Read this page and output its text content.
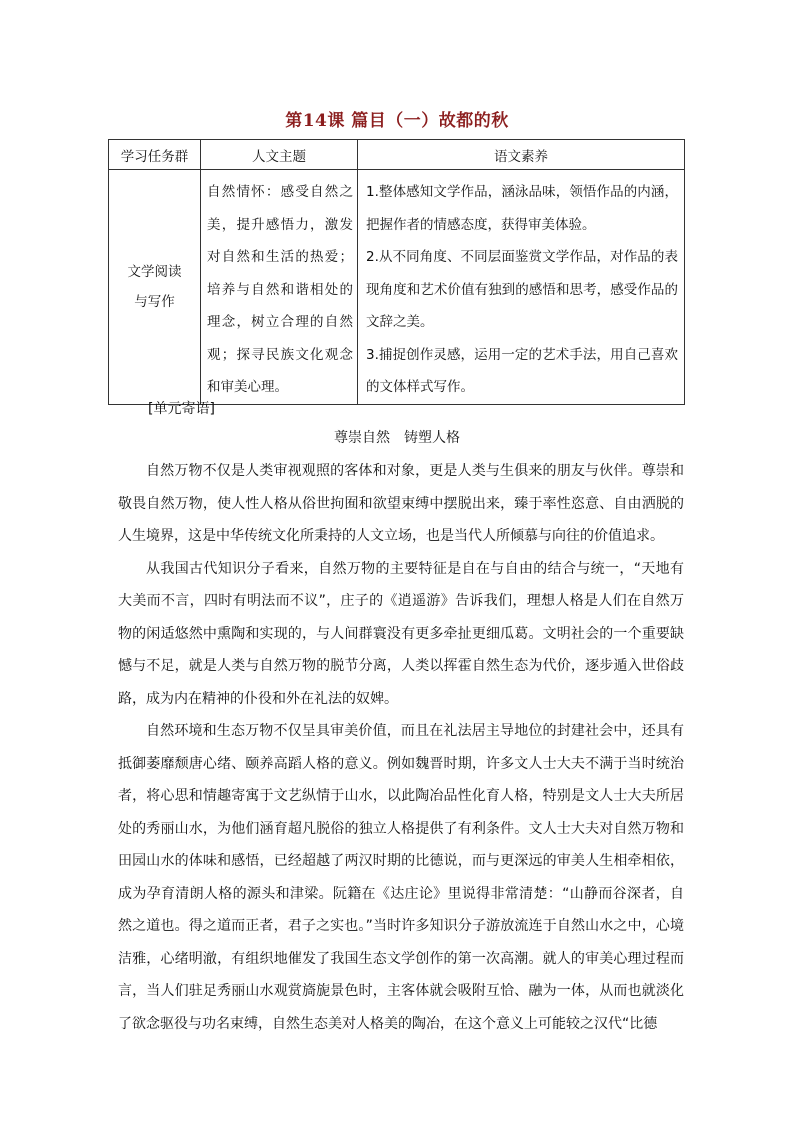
第14课 篇目（一）故都的秋
学习任务群	人文主题	语文素养
文学阅读与写作	自然情怀：感受自然之美，提升感悟力，激发对自然和生活的热爱；培养与自然和谐相处的理念，树立合理的自然观；探寻民族文化观念和审美心理。	1.整体感知文学作品，涵泳品味，领悟作品的内涵，把握作者的情感态度，获得审美体验。

2.从不同角度、不同层面鉴赏文学作品，对作品的表现角度和艺术价值有独到的感悟和思考，感受作品的文辞之美。

3.捕捉创作灵感，运用一定的艺术手法，用自己喜欢的文体样式写作。

[单元寄语]
尊崇自然　铸塑人格

自然万物不仅是人类审视观照的客体和对象，更是人类与生俱来的朋友与伙伴。尊崇和敬畏自然万物，使人性人格从俗世拘囿和欲望束缚中摆脱出来，臻于率性恣意、自由洒脱的人生境界，这是中华传统文化所秉持的人文立场，也是当代人所倾慕与向往的价值追求。

从我国古代知识分子看来，自然万物的主要特征是自在与自由的结合与统一，“天地有大美而不言，四时有明法而不议”，庄子的《逍遥游》告诉我们，理想人格是人们在自然万物的闲适悠然中熏陶和实现的，与人间群寰没有更多牵扯更细瓜葛。文明社会的一个重要缺憾与不足，就是人类与自然万物的脱节分离，人类以挥霍自然生态为代价，逐步遁入世俗歧路，成为内在精神的仆役和外在礼法的奴婢。

自然环境和生态万物不仅呈具审美价值，而且在礼法居主导地位的封建社会中，还具有抵御萎靡颓唐心绪、颐养高蹈人格的意义。例如魏晋时期，许多文人士大夫不满于当时统治者，将心思和情趣寄寓于文艺纵情于山水，以此陶冶品性化育人格，特别是文人士大夫所居处的秀丽山水，为他们涵育超凡脱俗的独立人格提供了有利条件。文人士大夫对自然万物和田园山水的体味和感悟，已经超越了两汉时期的比德说，而与更深远的审美人生相牵相依，成为孕育清朗人格的源头和津梁。阮籍在《达庄论》里说得非常清楚：“山静而谷深者，自然之道也。得之道而正者，君子之实也。”当时许多知识分子游放流连于自然山水之中，心境洁雅，心绪明澈，有组织地催发了我国生态文学创作的第一次高潮。就人的审美心理过程而言，当人们驻足秀丽山水观赏旖旎景色时，主客体就会吸附互恰、融为一体，从而也就淡化了欲念驱役与功名束缚，自然生态美对人格美的陶冶，在这个意义上可能较之汉代“比德
